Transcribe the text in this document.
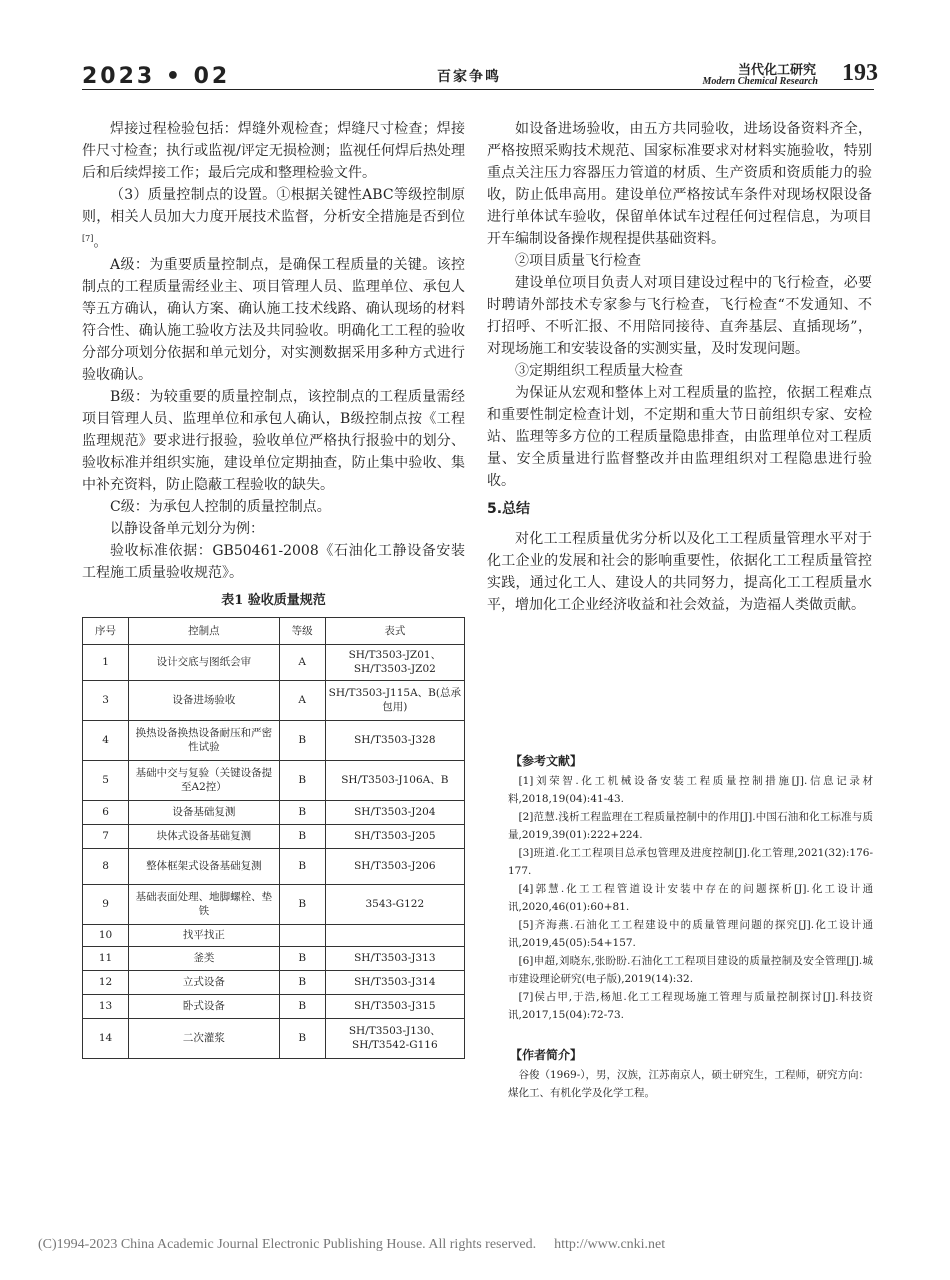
2023 • 02	百家争鸣	当代化工研究
Modern Chemical Research 193

焊接过程检验包括：焊缝外观检查；焊缝尺寸检查；焊接件尺寸检查；执行或监视/评定无损检测；监视任何焊后热处理后和后续焊接工作；最后完成和整理检验文件。

（3）质量控制点的设置。①根据关键性ABC等级控制原则，相关人员加大力度开展技术监督，分析安全措施是否到位[7]。

A级：为重要质量控制点，是确保工程质量的关键。该控制点的工程质量需经业主、项目管理人员、监理单位、承包人等五方确认，确认方案、确认施工技术线路、确认现场的材料符合性、确认施工验收方法及共同验收。明确化工工程的验收分部分项划分依据和单元划分，对实测数据采用多种方式进行验收确认。

B级：为较重要的质量控制点，该控制点的工程质量需经项目管理人员、监理单位和承包人确认，B级控制点按《工程监理规范》要求进行报验，验收单位严格执行报验中的划分、验收标准并组织实施，建设单位定期抽查，防止集中验收、集中补充资料，防止隐蔽工程验收的缺失。

C级：为承包人控制的质量控制点。

以静设备单元划分为例：

验收标准依据：GB50461-2008《石油化工静设备安装工程施工质量验收规范》。

表1 验收质量规范
序号	控制点	等级	表式
1	设计交底与图纸会审	A	SH/T3503-JZ01、SH/T3503-JZ02
3	设备进场验收	A	SH/T3503-J115A、B(总承包用)
4	换热设备换热设备耐压和严密性试验	B	SH/T3503-J328
5	基础中交与复验（关键设备提至A2控）	B	SH/T3503-J106A、B
6	设备基础复测	B	SH/T3503-J204
7	块体式设备基础复测	B	SH/T3503-J205
8	整体框架式设备基础复测	B	SH/T3503-J206
9	基础表面处理、地脚螺栓、垫铁	B	3543-G122
10	找平找正		
11	釜类	B	SH/T3503-J313
12	立式设备	B	SH/T3503-J314
13	卧式设备	B	SH/T3503-J315
14	二次灌浆	B	SH/T3503-J130、SH/T3542-G116

如设备进场验收，由五方共同验收，进场设备资料齐全，严格按照采购技术规范、国家标准要求对材料实施验收，特别重点关注压力容器压力管道的材质、生产资质和资质能力的验收，防止低串高用。建设单位严格按试车条件对现场权限设备进行单体试车验收，保留单体试车过程任何过程信息，为项目开车编制设备操作规程提供基础资料。

②项目质量飞行检查

建设单位项目负责人对项目建设过程中的飞行检查，必要时聘请外部技术专家参与飞行检查，飞行检查“不发通知、不打招呼、不听汇报、不用陪同接待、直奔基层、直插现场”，对现场施工和安装设备的实测实量，及时发现问题。

③定期组织工程质量大检查

为保证从宏观和整体上对工程质量的监控，依据工程难点和重要性制定检查计划，不定期和重大节日前组织专家、安检站、监理等多方位的工程质量隐患排查，由监理单位对工程质量、安全质量进行监督整改并由监理组织对工程隐患进行验收。

5.总结

对化工工程质量优劣分析以及化工工程质量管理水平对于化工企业的发展和社会的影响重要性，依据化工工程质量管控实践，通过化工人、建设人的共同努力，提高化工工程质量水平，增加化工企业经济收益和社会效益，为造福人类做贡献。

【参考文献】

[1]刘荣智.化工机械设备安装工程质量控制措施[J].信息记录材料,2018,19(04):41-43.

[2]范慧.浅析工程监理在工程质量控制中的作用[J].中国石油和化工标准与质量,2019,39(01):222+224.

[3]班道.化工工程项目总承包管理及进度控制[J].化工管理,2021(32):176-177.

[4]郭慧.化工工程管道设计安装中存在的问题探析[J].化工设计通讯,2020,46(01):60+81.

[5]齐海燕.石油化工工程建设中的质量管理问题的探究[J].化工设计通讯,2019,45(05):54+157.

[6]申超,刘晓东,张盼盼.石油化工工程项目建设的质量控制及安全管理[J].城市建设理论研究(电子版),2019(14):32.

[7]侯占甲,于浩,杨旭.化工工程现场施工管理与质量控制探讨[J].科技资讯,2017,15(04):72-73.

【作者简介】

谷俊（1969-），男，汉族，江苏南京人，硕士研究生，工程师，研究方向：煤化工、有机化学及化学工程。

(C)1994-2023 China Academic Journal Electronic Publishing House. All rights reserved. http://www.cnki.net
